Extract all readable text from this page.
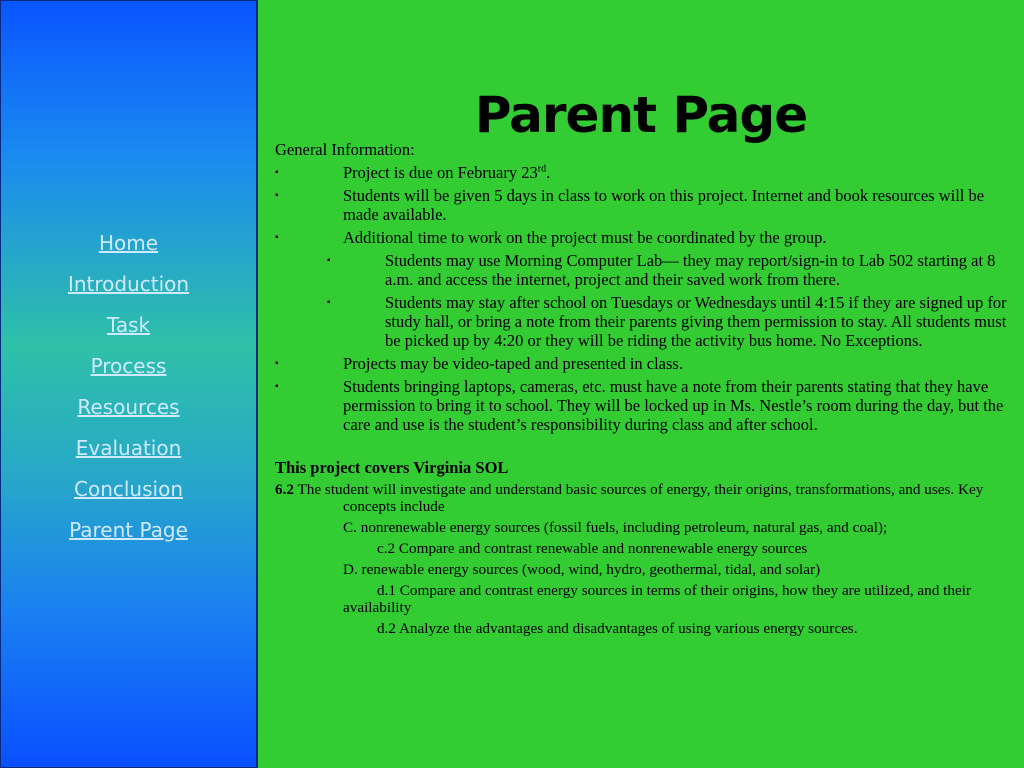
Home
Introduction
Task
Process
Resources
Evaluation
Conclusion
Parent Page
Parent Page

General Information:

▪	Project is due on February 23rd.
▪	Students will be given 5 days in class to work on this project. Internet and book resources will be made available.
▪	Additional time to work on the project must be coordinated by the group.
▪	Students may use Morning Computer Lab— they may report/sign-in to Lab 502 starting at 8 a.m. and access the internet, project and their saved work from there.
▪	Students may stay after school on Tuesdays or Wednesdays until 4:15 if they are signed up for study hall, or bring a note from their parents giving them permission to stay. All students must be picked up by 4:20 or they will be riding the activity bus home. No Exceptions.
▪	Projects may be video-taped and presented in class.
▪	Students bringing laptops, cameras, etc. must have a note from their parents stating that they have permission to bring it to school. They will be locked up in Ms. Nestle’s room during the day, but the care and use is the student’s responsibility during class and after school.

This project covers Virginia SOL

6.2 The student will investigate and understand basic sources of energy, their origins, transformations, and uses. Key concepts include

C. nonrenewable energy sources (fossil fuels, including petroleum, natural gas, and coal);

c.2 Compare and contrast renewable and nonrenewable energy sources

D. renewable energy sources (wood, wind, hydro, geothermal, tidal, and solar)

d.1 Compare and contrast energy sources in terms of their origins, how they are utilized, and their availability

d.2 Analyze the advantages and disadvantages of using various energy sources.
